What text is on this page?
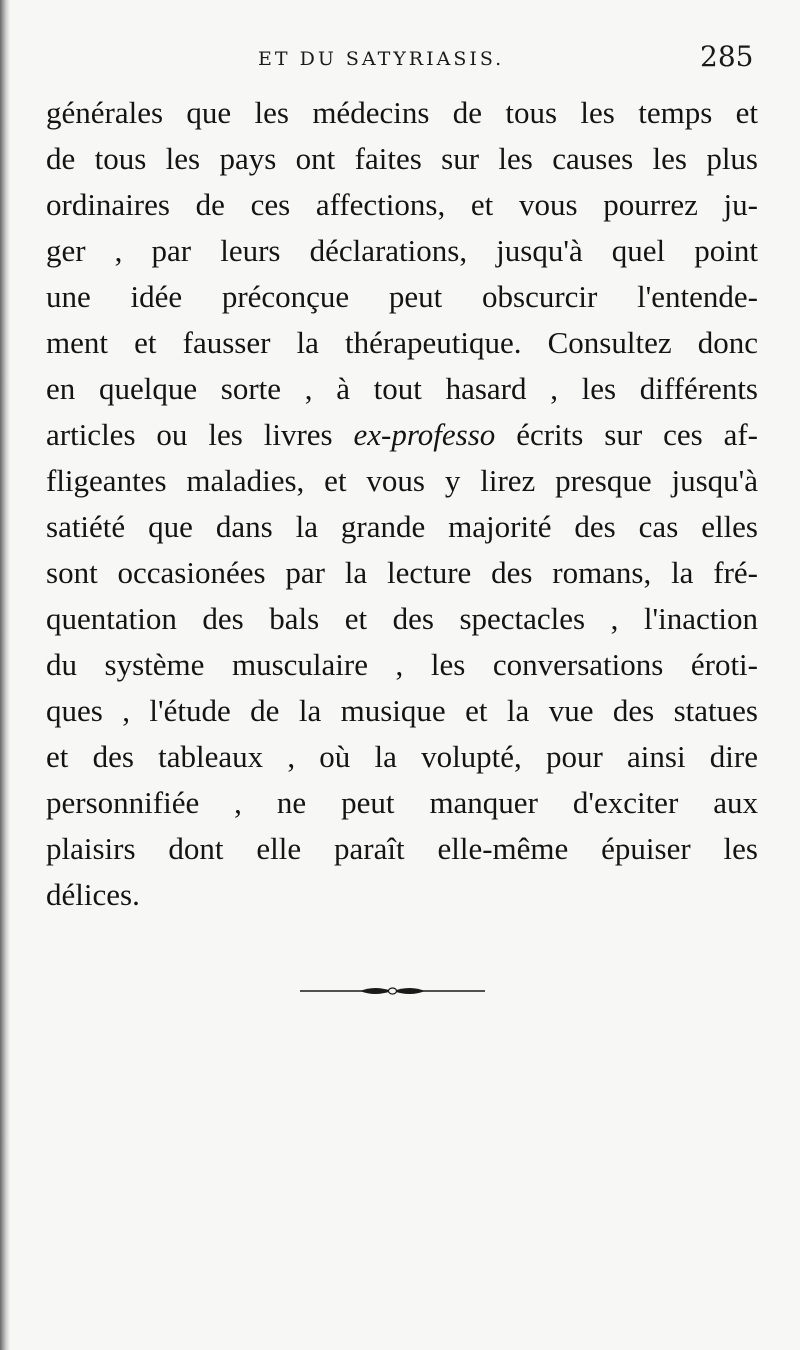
ET DU SATYRIASIS.	285
générales que les médecins de tous les temps et
de tous les pays ont faites sur les causes les plus
ordinaires de ces affections, et vous pourrez ju-
ger , par leurs déclarations, jusqu'à quel point
une idée préconçue peut obscurcir l'entende-
ment et fausser la thérapeutique. Consultez donc
en quelque sorte , à tout hasard , les différents
articles ou les livres ex-professo écrits sur ces af-
fligeantes maladies, et vous y lirez presque jusqu'à
satiété que dans la grande majorité des cas elles
sont occasionées par la lecture des romans, la fré-
quentation des bals et des spectacles , l'inaction
du système musculaire , les conversations éroti-
ques , l'étude de la musique et la vue des statues
et des tableaux , où la volupté, pour ainsi dire
personnifiée , ne peut manquer d'exciter aux
plaisirs dont elle paraît elle-même épuiser les
délices.
